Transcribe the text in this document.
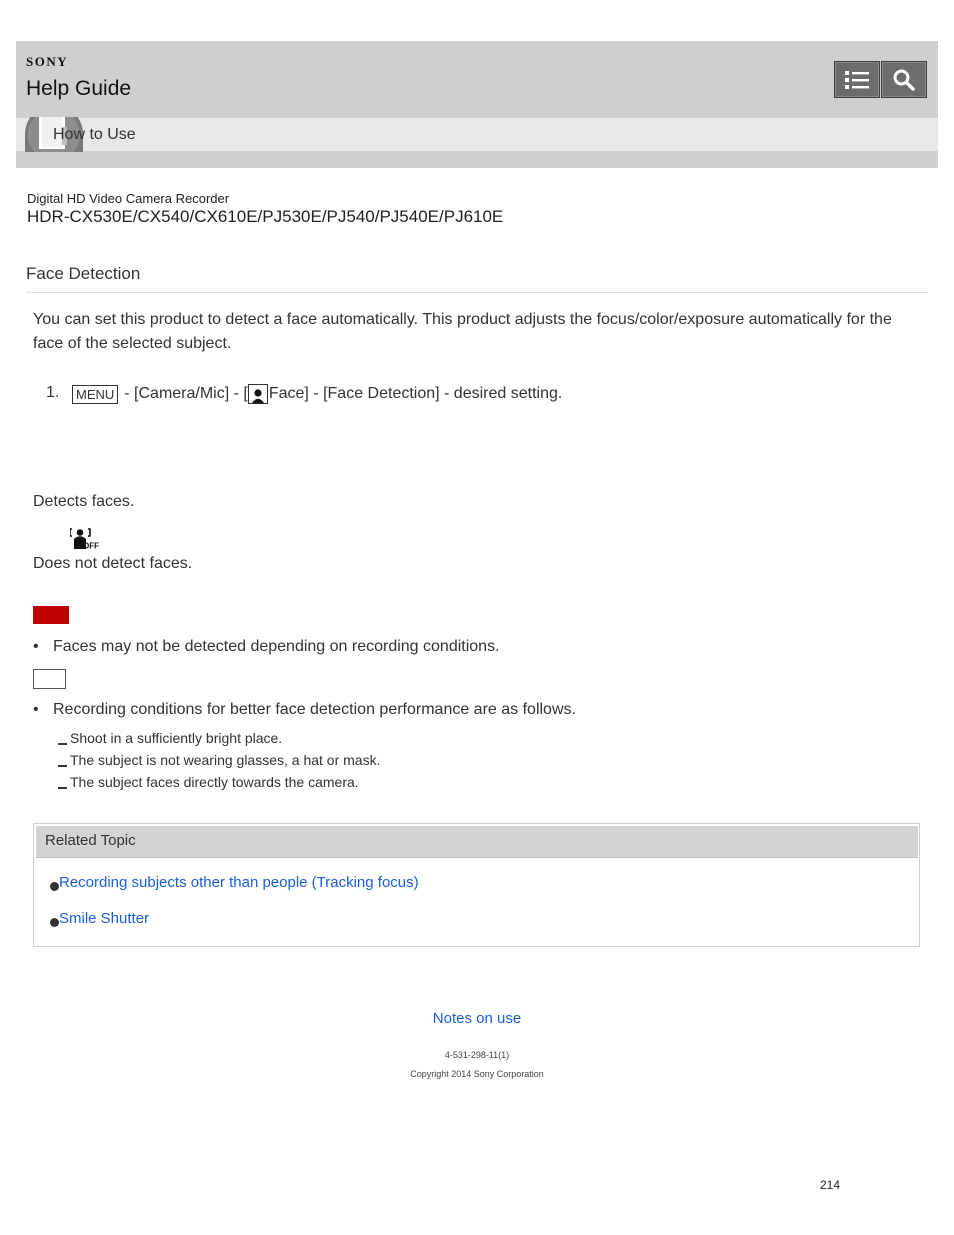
SONY
Help Guide
How to Use
Digital HD Video Camera Recorder
HDR-CX530E/CX540/CX610E/PJ530E/PJ540/PJ540E/PJ610E
Face Detection
You can set this product to detect a face automatically. This product adjusts the focus/color/exposure automatically for the face of the selected subject.
1.	MENU - [Camera/Mic] - [ Face] - [Face Detection] - desired setting.
Detects faces.
OFF
Does not detect faces.
• Faces may not be detected depending on recording conditions.
• Recording conditions for better face detection performance are as follows.
Shoot in a sufficiently bright place.
The subject is not wearing glasses, a hat or mask.
The subject faces directly towards the camera.
Related Topic
Recording subjects other than people (Tracking focus)
Smile Shutter
Notes on use
4-531-298-11(1)
Copyright 2014 Sony Corporation
214
